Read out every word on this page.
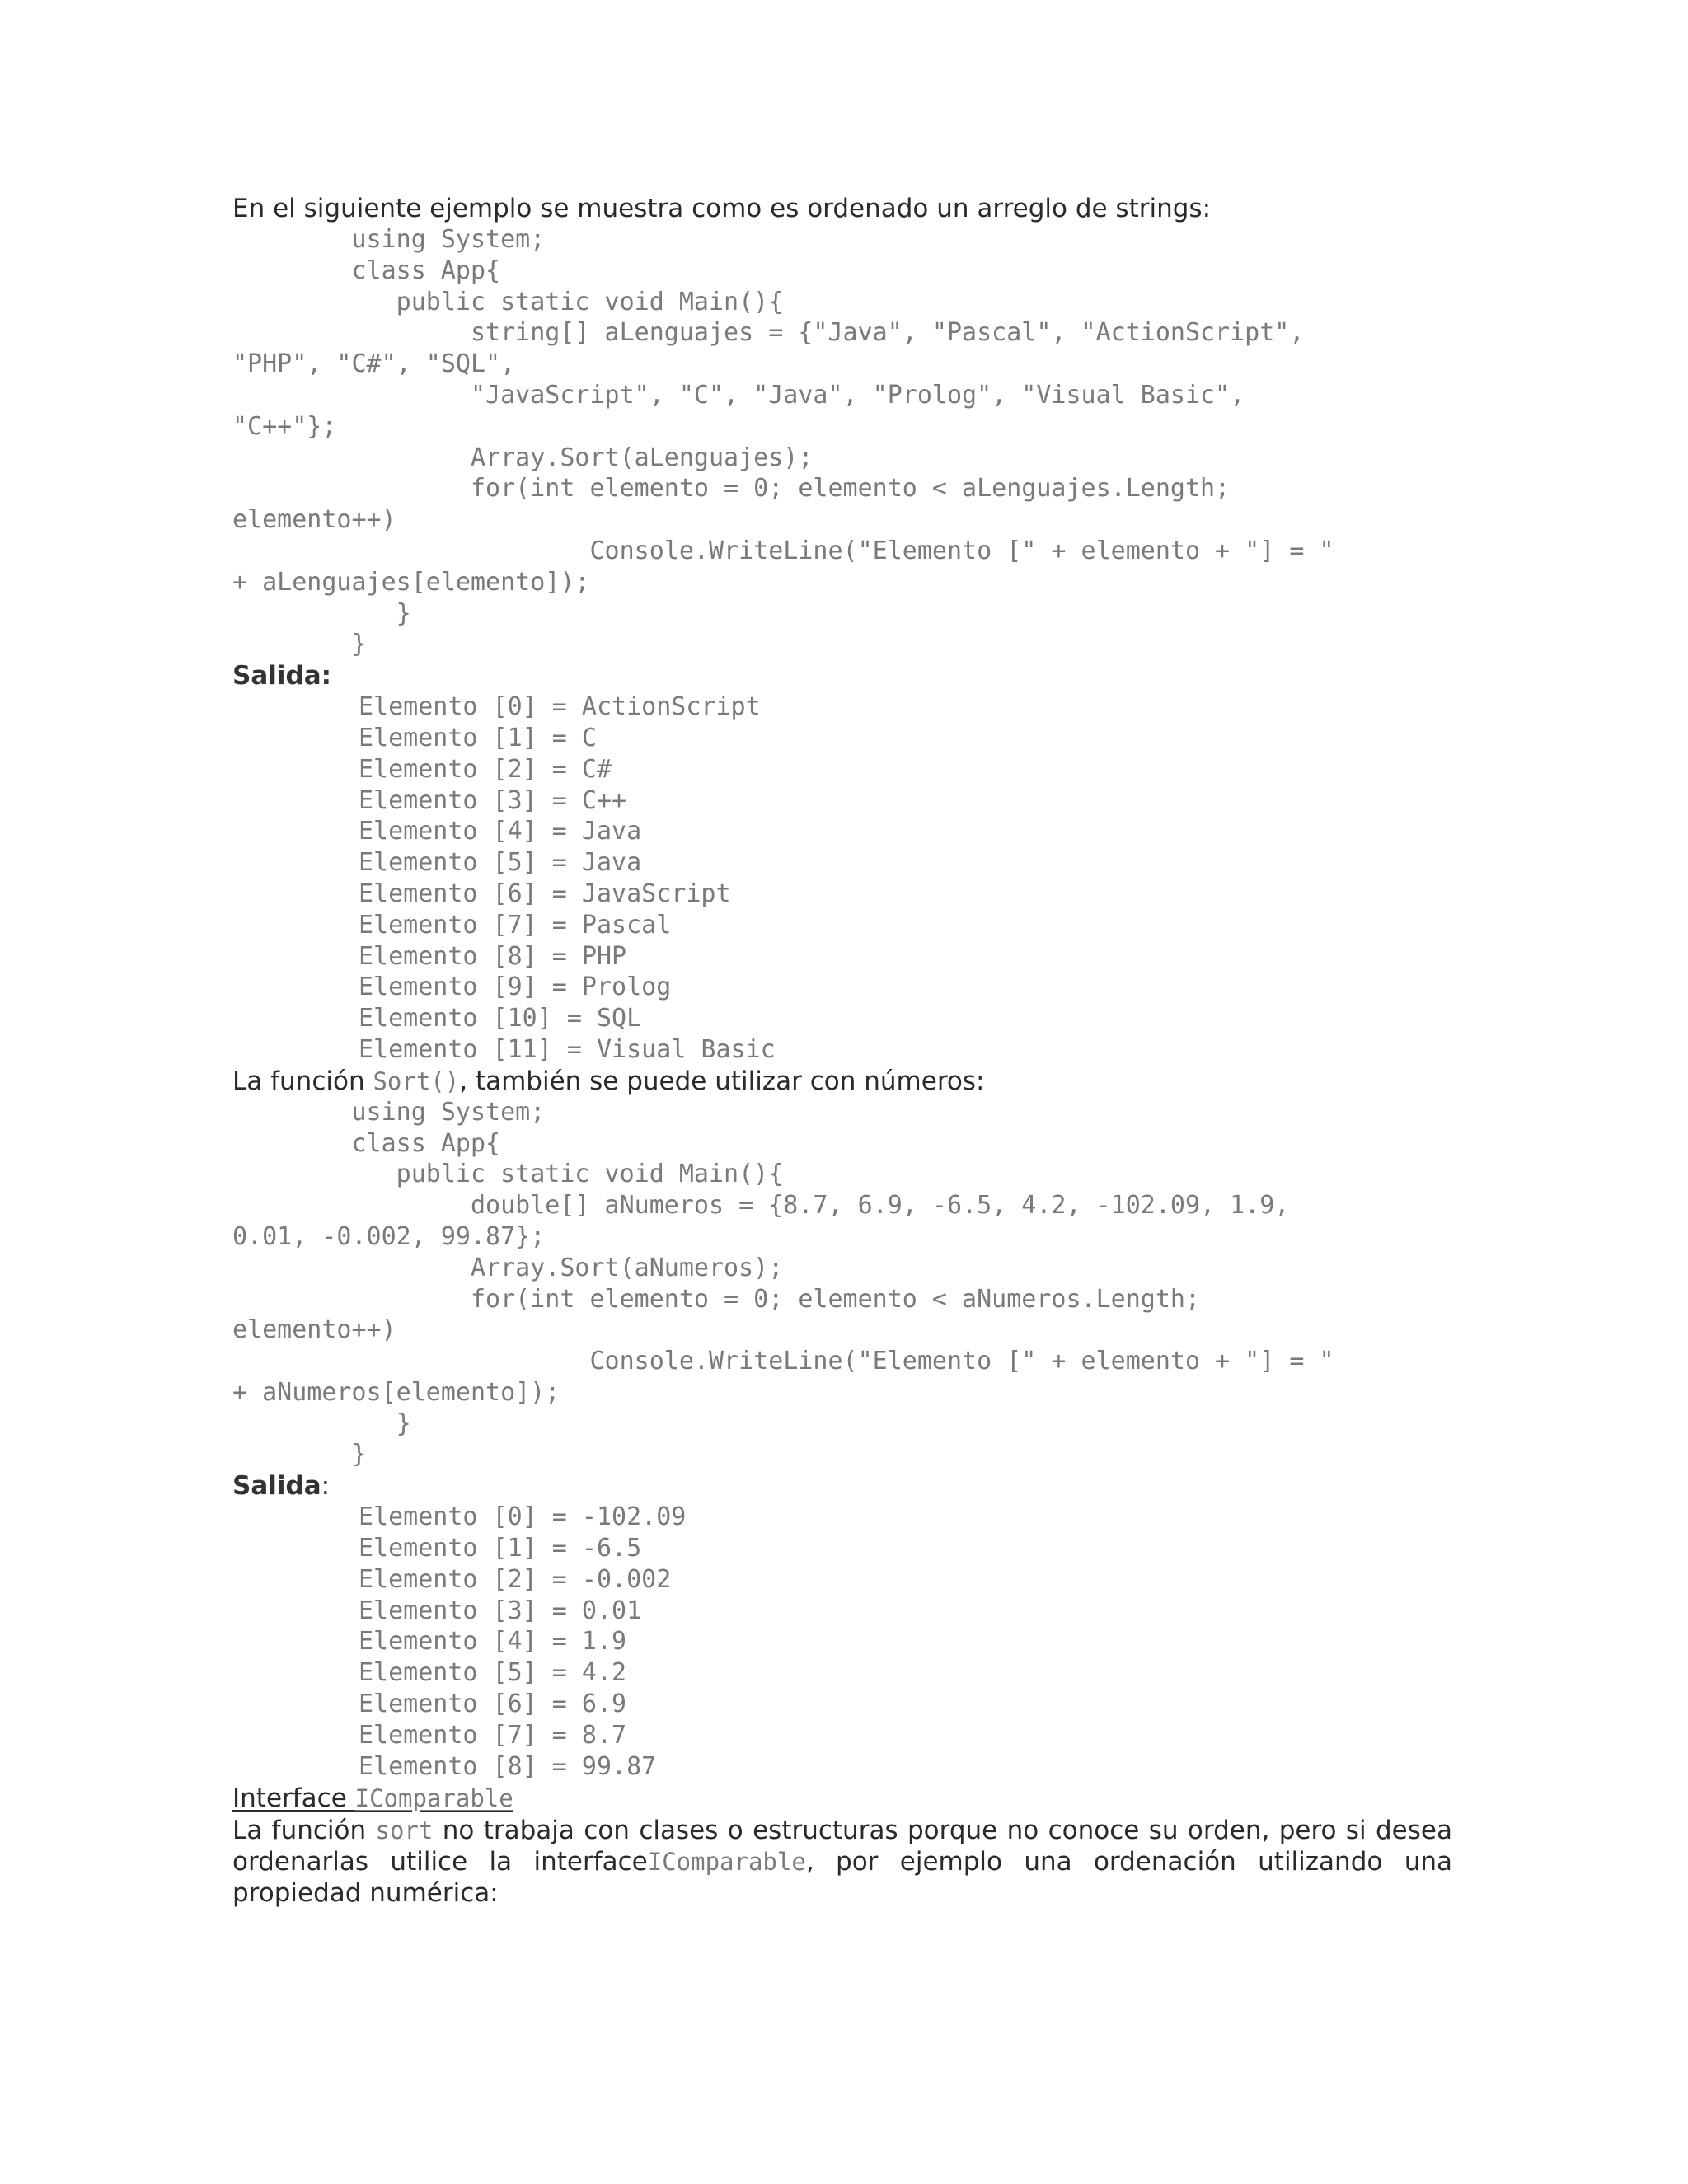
En el siguiente ejemplo se muestra como es ordenado un arreglo de strings:

using System;
class App{
public static void Main(){
string[] aLenguajes = {"Java", "Pascal", "ActionScript",
"PHP", "C#", "SQL",
"JavaScript", "C", "Java", "Prolog", "Visual Basic",
"C++"};
Array.Sort(aLenguajes);
for(int elemento = 0; elemento < aLenguajes.Length;
elemento++)
Console.WriteLine("Elemento [" + elemento + "] = "
+ aLenguajes[elemento]);
}
}

Salida:

Elemento [0] = ActionScript
Elemento [1] = C
Elemento [2] = C#
Elemento [3] = C++
Elemento [4] = Java
Elemento [5] = Java
Elemento [6] = JavaScript
Elemento [7] = Pascal
Elemento [8] = PHP
Elemento [9] = Prolog
Elemento [10] = SQL
Elemento [11] = Visual Basic

La función Sort(), también se puede utilizar con números:

using System;
class App{
public static void Main(){
double[] aNumeros = {8.7, 6.9, -6.5, 4.2, -102.09, 1.9,
0.01, -0.002, 99.87};
Array.Sort(aNumeros);
for(int elemento = 0; elemento < aNumeros.Length;
elemento++)
Console.WriteLine("Elemento [" + elemento + "] = "
+ aNumeros[elemento]);
}
}

Salida:

Elemento [0] = -102.09
Elemento [1] = -6.5
Elemento [2] = -0.002
Elemento [3] = 0.01
Elemento [4] = 1.9
Elemento [5] = 4.2
Elemento [6] = 6.9
Elemento [7] = 8.7
Elemento [8] = 99.87

Interface IComparable

La función sort no trabaja con clases o estructuras porque no conoce su orden, pero si desea ordenarlas utilice la interfaceIComparable, por ejemplo una ordenación utilizando una propiedad numérica:
